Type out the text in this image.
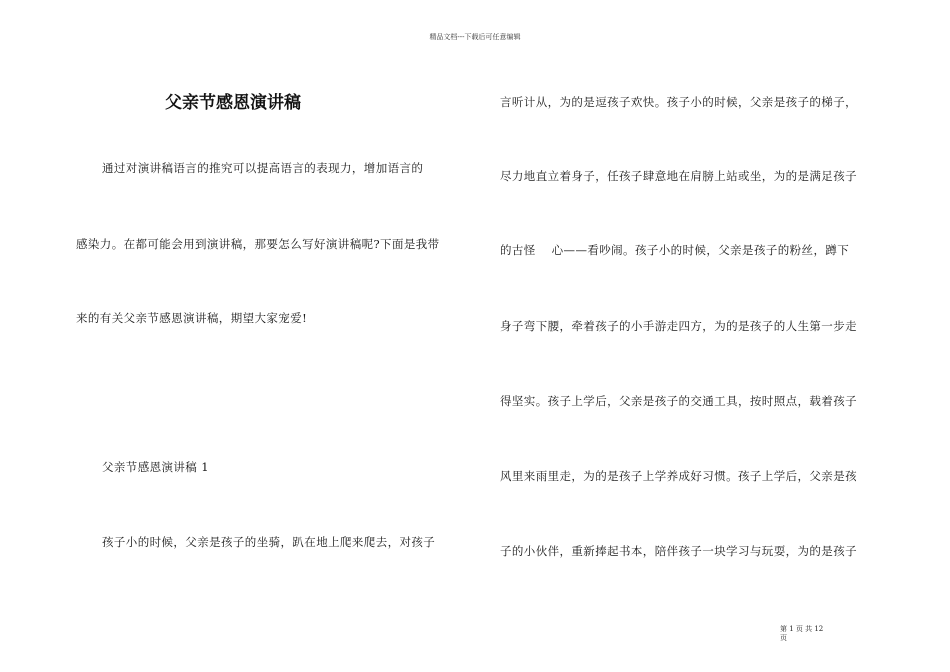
精品文档---下载后可任意编辑
父亲节感恩演讲稿
通过对演讲稿语言的推究可以提高语言的表现力，增加语言的
感染力。在都可能会用到演讲稿，那要怎么写好演讲稿呢?下面是我带
来的有关父亲节感恩演讲稿，期望大家宠爱!
父亲节感恩演讲稿 1
孩子小的时候，父亲是孩子的坐骑，趴在地上爬来爬去，对孩子
言听计从，为的是逗孩子欢快。孩子小的时候，父亲是孩子的梯子，
尽力地直立着身子，任孩子肆意地在肩膀上站或坐，为的是满足孩子
的古怪　 心——看吵闹。孩子小的时候，父亲是孩子的粉丝，蹲下
身子弯下腰，牵着孩子的小手游走四方，为的是孩子的人生第一步走
得坚实。孩子上学后，父亲是孩子的交通工具，按时照点，载着孩子
风里来雨里走，为的是孩子上学养成好习惯。孩子上学后，父亲是孩
子的小伙伴，重新捧起书本，陪伴孩子一块学习与玩耍，为的是孩子
第 1 页 共 12
页
